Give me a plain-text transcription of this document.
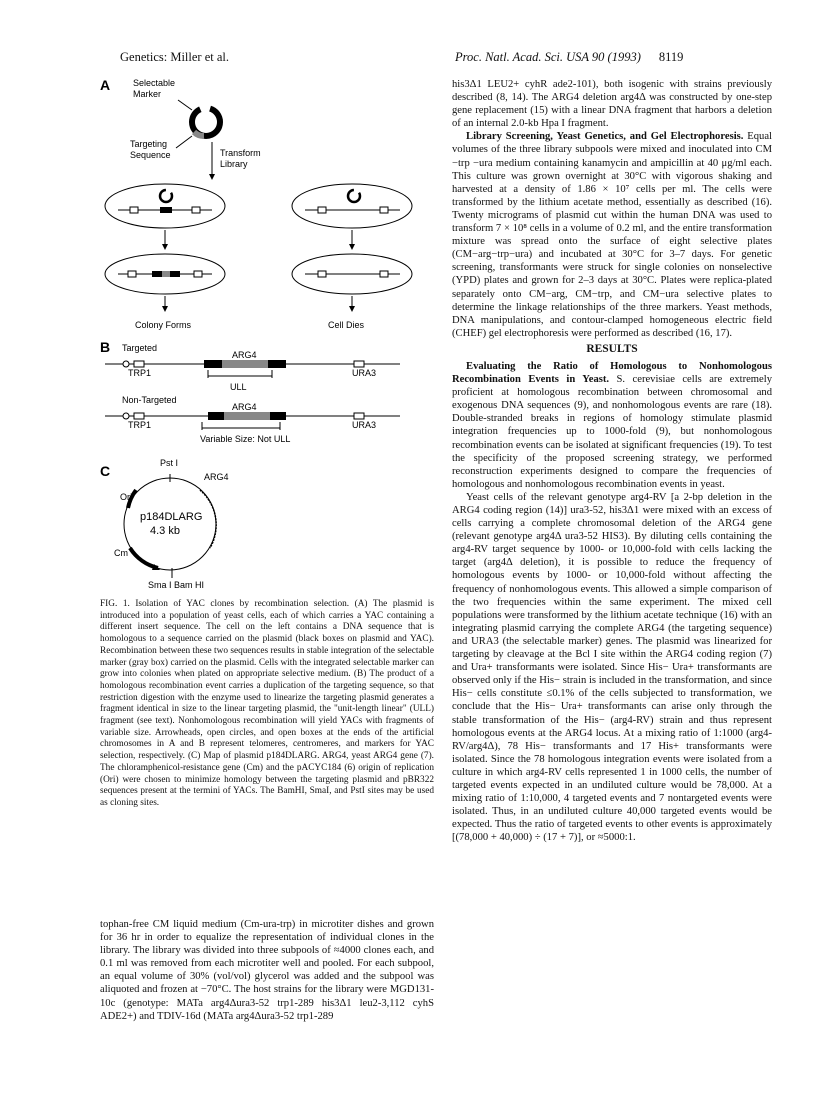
Genetics: Miller et al.	Proc. Natl. Acad. Sci. USA 90 (1993) 8119
A	Selectable
Marker
Targeting
Sequence	Transform
Library
Colony Forms	Cell Dies
B Targeted
ARG4
TRP1	URA3
ULL
Non-Targeted
ARG4
TRP1	URA3
Variable Size: Not ULL
C	Pst I
Ori
ARG4
p184DLARG
4.3 kb
Cm
Sma I Bam HI
FIG. 1. Isolation of YAC clones by recombination selection. (A) The plasmid is introduced into a population of yeast cells, each of which carries a YAC containing a different insert sequence. The cell on the left contains a DNA sequence that is homologous to a sequence carried on the plasmid (black boxes on plasmid and YAC). Recombination between these two sequences results in stable integration of the selectable marker (gray box) carried on the plasmid. Cells with the integrated selectable marker can grow into colonies when plated on appropriate selective medium. (B) The product of a homologous recombination event carries a duplication of the targeting sequence, so that restriction digestion with the enzyme used to linearize the targeting plasmid generates a fragment identical in size to the linear targeting plasmid, the "unit-length linear" (ULL) fragment (see text). Nonhomologous recombination will yield YACs with fragments of variable size. Arrowheads, open circles, and open boxes at the ends of the artificial chromosomes in A and B represent telomeres, centromeres, and markers for YAC selection, respectively. (C) Map of plasmid p184DLARG. ARG4, yeast ARG4 gene (7). The chloramphenicol-resistance gene (Cm) and the pACYC184 (6) origin of replication (Ori) were chosen to minimize homology between the targeting plasmid and pBR322 sequences present at the termini of YACs. The BamHI, SmaI, and PstI sites may be used as cloning sites.

tophan-free CM liquid medium (Cm-ura-trp) in microtiter dishes and grown for 36 hr in order to equalize the representation of individual clones in the library. The library was divided into three subpools of ≈4000 clones each, and 0.1 ml was removed from each microtiter well and pooled. For each subpool, an equal volume of 30% (vol/vol) glycerol was added and the subpool was aliquoted and frozen at −70°C. The host strains for the library were MGD131-10c (genotype: MATa arg4Δura3-52 trp1-289 his3Δ1 leu2-3,112 cyhS ADE2+) and TDIV-16d (MATa arg4Δura3-52 trp1-289

his3Δ1 LEU2+ cyhR ade2-101), both isogenic with strains previously described (8, 14). The ARG4 deletion arg4Δ was constructed by one-step gene replacement (15) with a linear DNA fragment that harbors a deletion of an internal 2.0-kb Hpa I fragment.

Library Screening, Yeast Genetics, and Gel Electrophoresis. Equal volumes of the three library subpools were mixed and inoculated into CM −trp −ura medium containing kanamycin and ampicillin at 40 μg/ml each. This culture was grown overnight at 30°C with vigorous shaking and harvested at a density of 1.86 × 10⁷ cells per ml. The cells were transformed by the lithium acetate method, essentially as described (16). Twenty micrograms of plasmid cut within the human DNA was used to transform 7 × 10⁸ cells in a volume of 0.2 ml, and the entire transformation mixture was spread onto the surface of eight selective plates (CM−arg−trp−ura) and incubated at 30°C for 3–7 days. For genetic screening, transformants were struck for single colonies on nonselective (YPD) plates and grown for 2–3 days at 30°C. Plates were replica-plated separately onto CM−arg, CM−trp, and CM−ura selective plates to determine the linkage relationships of the three markers. Yeast methods, DNA manipulations, and contour-clamped homogeneous electric field (CHEF) gel electrophoresis were performed as described (16, 17).

RESULTS

Evaluating the Ratio of Homologous to Nonhomologous Recombination Events in Yeast. S. cerevisiae cells are extremely proficient at homologous recombination between chromosomal and exogenous DNA sequences (9), and nonhomologous events are rare (18). Double-stranded breaks in regions of homology stimulate plasmid integration frequencies up to 1000-fold (9), but nonhomologous recombination events can be isolated at significant frequencies (19). To test the specificity of the proposed screening strategy, we performed reconstruction experiments designed to compare the frequencies of homologous and nonhomologous recombination events in yeast.

Yeast cells of the relevant genotype arg4-RV [a 2-bp deletion in the ARG4 coding region (14)] ura3-52, his3Δ1 were mixed with an excess of cells carrying a complete chromosomal deletion of the ARG4 gene (relevant genotype arg4Δ ura3-52 HIS3). By diluting cells containing the arg4-RV target sequence by 1000- or 10,000-fold with cells lacking the target (arg4Δ deletion), it is possible to reduce the frequency of homologous events by 1000- or 10,000-fold without affecting the frequency of nonhomologous events. This allowed a simple comparison of the two frequencies within the same experiment. The mixed cell populations were transformed by the lithium acetate technique (16) with an integrating plasmid carrying the complete ARG4 (the targeting sequence) and URA3 (the selectable marker) genes. The plasmid was linearized for targeting by cleavage at the Bcl I site within the ARG4 coding region (7) and Ura+ transformants were isolated. Since His− Ura+ transformants are observed only if the His− strain is included in the transformation, and since His− cells constitute ≤0.1% of the cells subjected to transformation, we conclude that the His− Ura+ transformants can arise only through the stable transformation of the His− (arg4-RV) strain and thus represent homologous events at the ARG4 locus. At a mixing ratio of 1:1000 (arg4-RV/arg4Δ), 78 His− transformants and 17 His+ transformants were isolated. Since the 78 homologous integration events were isolated from a culture in which arg4-RV cells represented 1 in 1000 cells, the number of targeted events expected in an undiluted culture would be 78,000. At a mixing ratio of 1:10,000, 4 targeted events and 7 nontargeted events were isolated. Thus, in an undiluted culture 40,000 targeted events would be expected. Thus the ratio of targeted events to other events is approximately [(78,000 + 40,000) ÷ (17 + 7)], or ≈5000:1.
